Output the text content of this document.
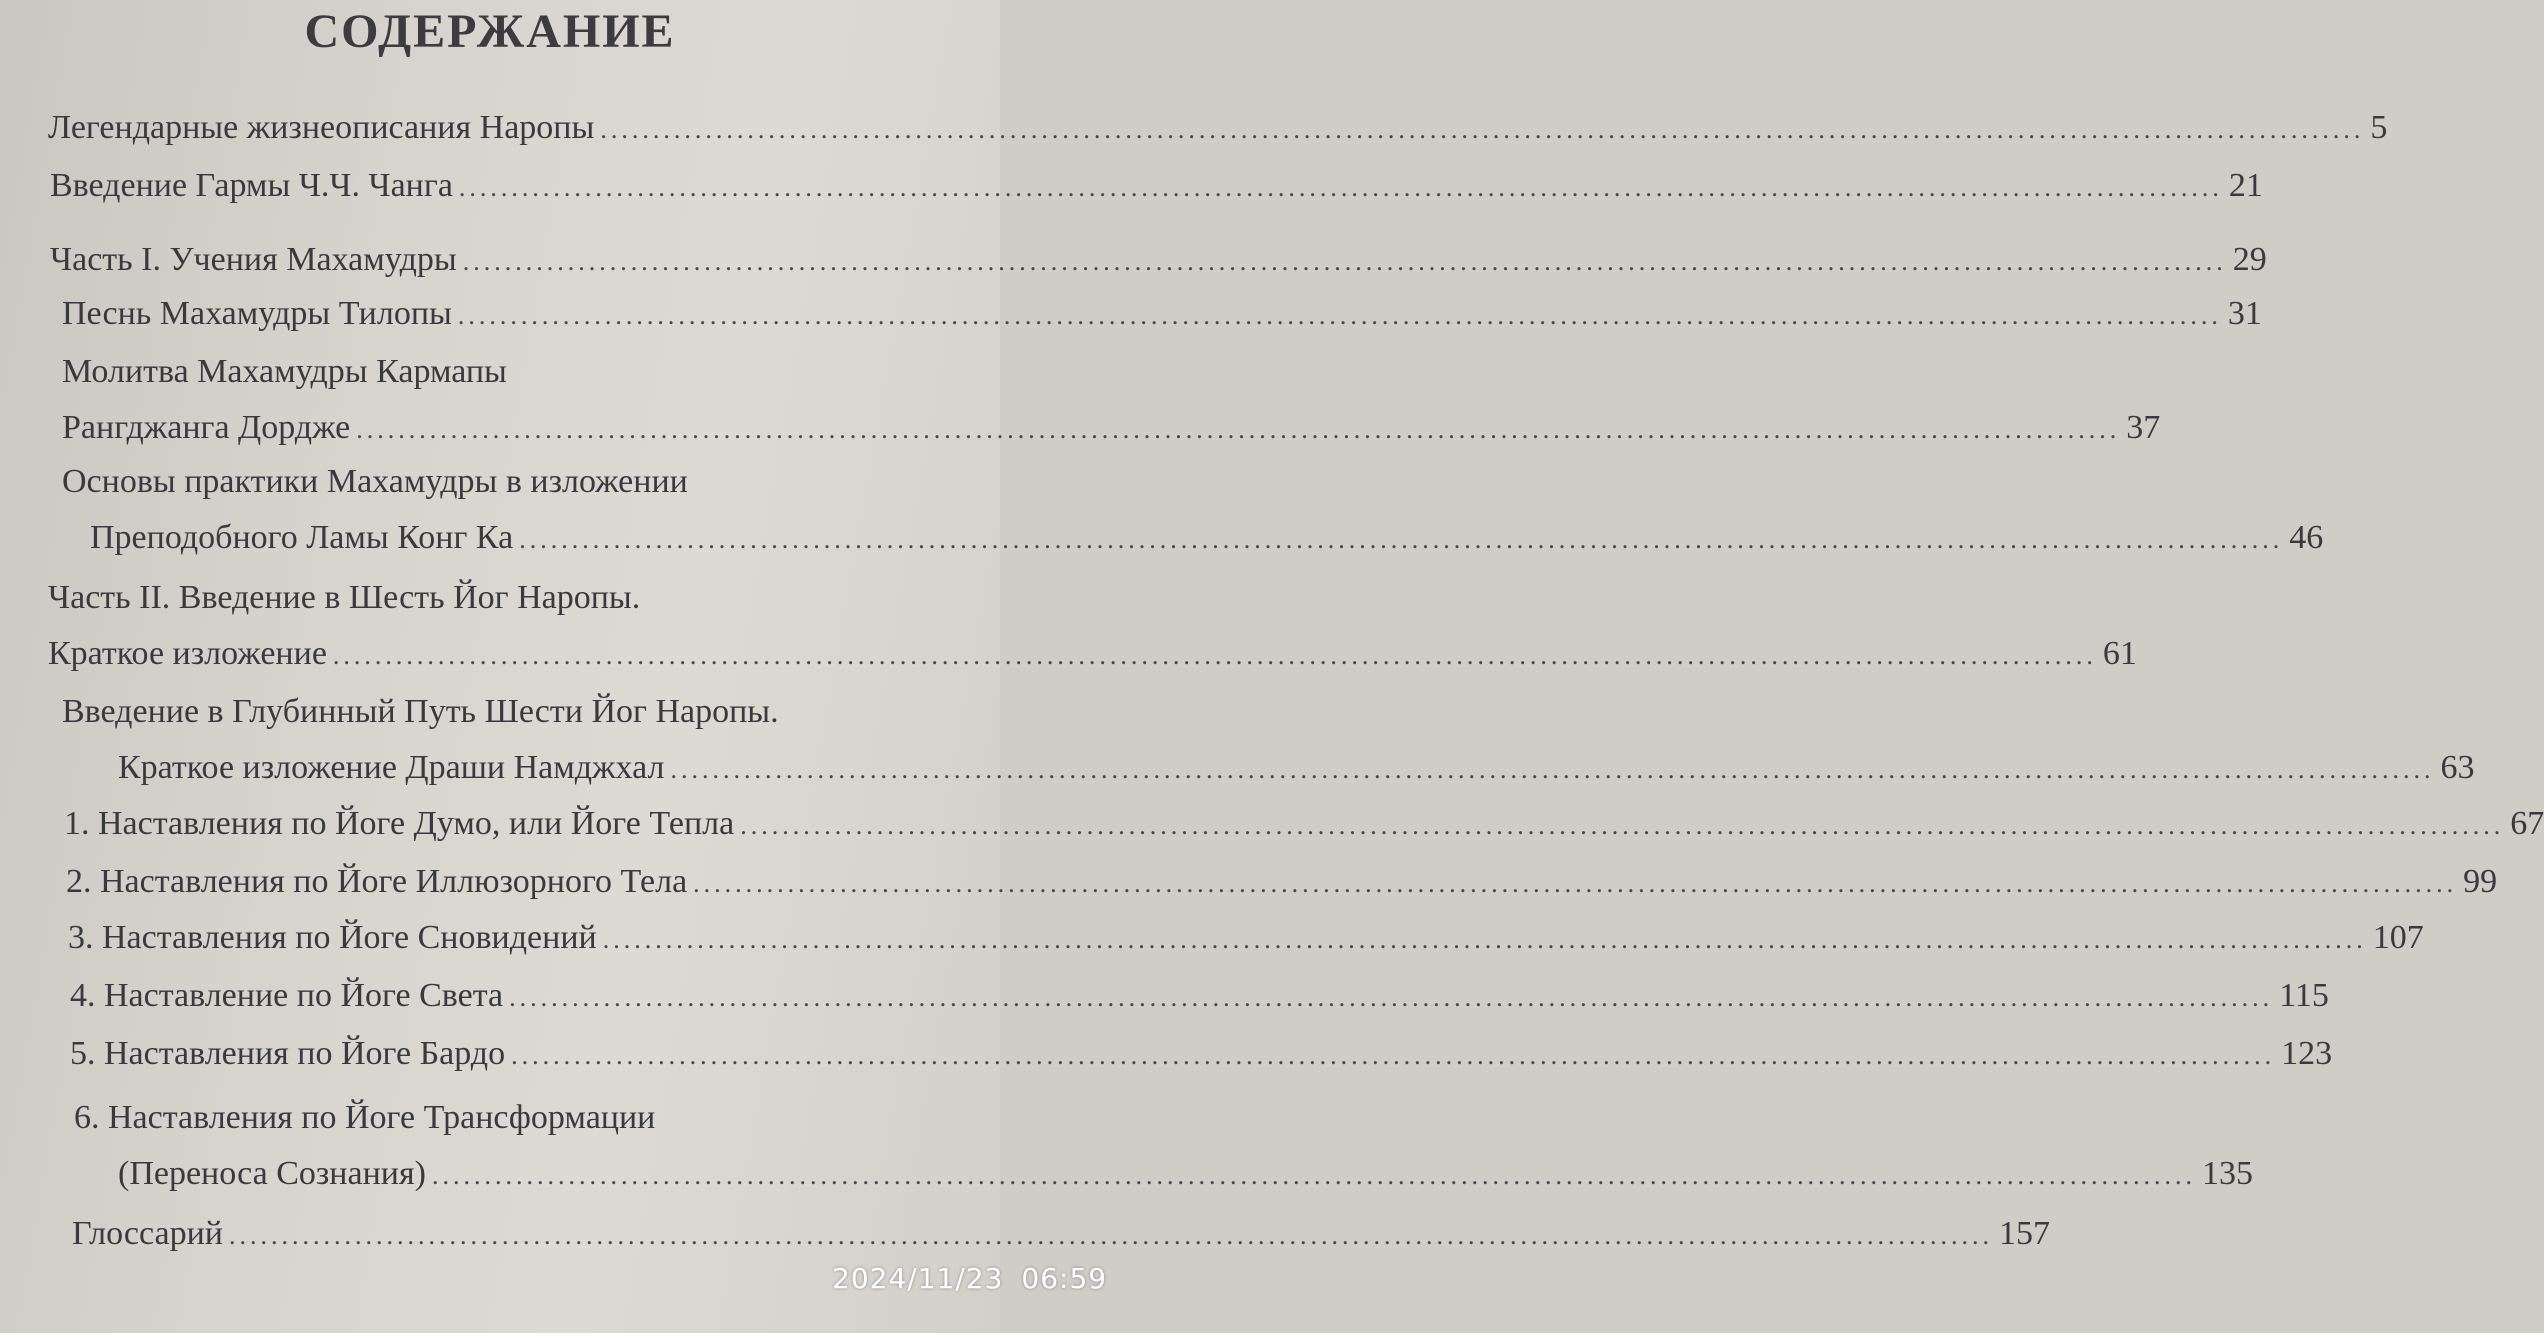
СОДЕРЖАНИЕ
Легендарные жизнеописания Наропы .....	5
Введение Гармы Ч.Ч. Чанга .....	21
Часть I. Учения Махамудры .....	29
Песнь Махамудры Тилопы .....	31
Молитва Махамудры Кармапы
Рангджанга Дордже .....	37
Основы практики Махамудры в изложении
Преподобного Ламы Конг Ка .....	46
Часть II. Введение в Шесть Йог Наропы.
Краткое изложение .....	61
Введение в Глубинный Путь Шести Йог Наропы.
Краткое изложение Драши Намджхал .....	63
1. Наставления по Йоге Думо, или Йоге Тепла .....	67
2. Наставления по Йоге Иллюзорного Тела .....	99
3. Наставления по Йоге Сновидений .....	107
4. Наставление по Йоге Света .....	115
5. Наставления по Йоге Бардо .....	123
6. Наставления по Йоге Трансформации
(Переноса Сознания) .....	135
Глоссарий .....	157
2024/11/23 06:59
